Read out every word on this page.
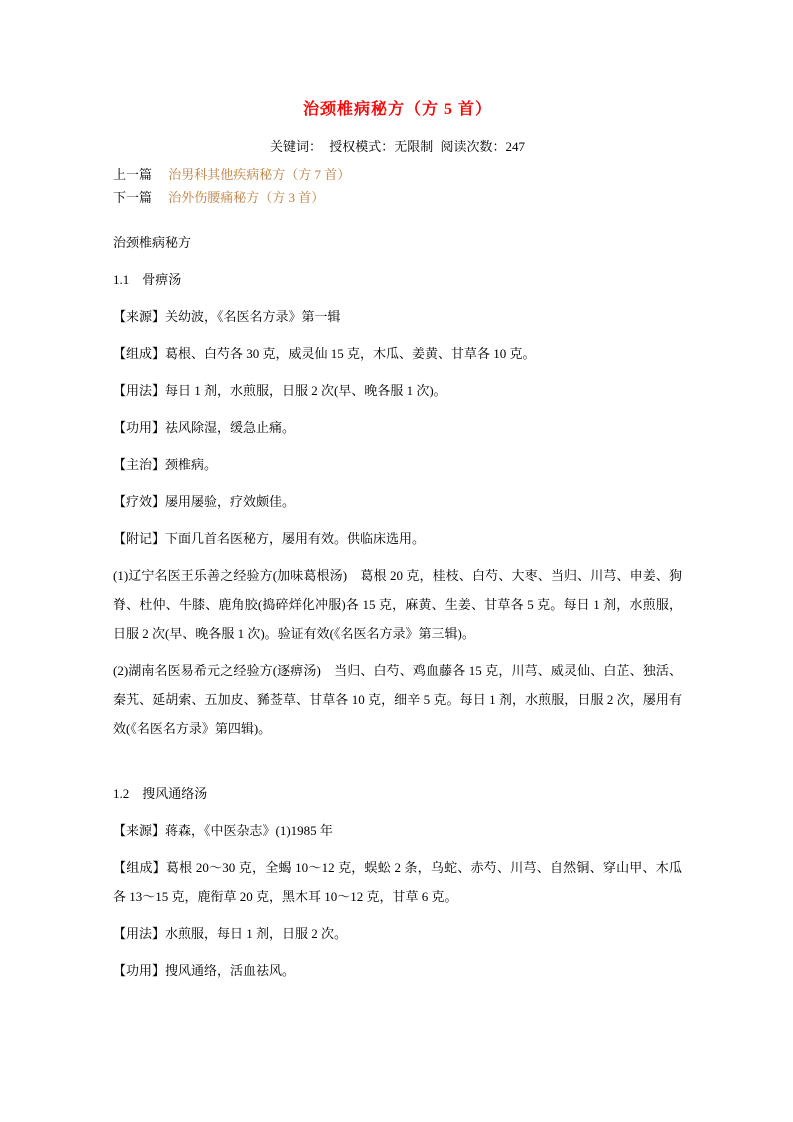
治颈椎病秘方（方 5 首）
关键词： 授权模式：无限制 阅读次数：247
上一篇 治男科其他疾病秘方（方 7 首）
下一篇 治外伤腰痛秘方（方 3 首）

治颈椎病秘方

1.1　骨痹汤

【来源】关幼波，《名医名方录》第一辑

【组成】葛根、白芍各 30 克，威灵仙 15 克，木瓜、姜黄、甘草各 10 克。

【用法】每日 1 剂，水煎服，日服 2 次(早、晚各服 1 次)。

【功用】祛风除湿，缓急止痛。

【主治】颈椎病。

【疗效】屡用屡验，疗效颇佳。

【附记】下面几首名医秘方，屡用有效。供临床选用。

(1)辽宁名医王乐善之经验方(加味葛根汤)　葛根 20 克，桂枝、白芍、大枣、当归、川芎、申姜、狗脊、杜仲、牛膝、鹿角胶(捣碎烊化冲服)各 15 克，麻黄、生姜、甘草各 5 克。每日 1 剂，水煎服，日服 2 次(早、晚各服 1 次)。验证有效(《名医名方录》第三辑)。

(2)湖南名医易希元之经验方(逐痹汤)　当归、白芍、鸡血藤各 15 克，川芎、威灵仙、白芷、独活、秦艽、延胡索、五加皮、豨莶草、甘草各 10 克，细辛 5 克。每日 1 剂，水煎服，日服 2 次，屡用有效(《名医名方录》第四辑)。

1.2　搜风通络汤

【来源】蒋森，《中医杂志》(1)1985 年

【组成】葛根 20～30 克，全蝎 10～12 克，蜈蚣 2 条，乌蛇、赤芍、川芎、自然铜、穿山甲、木瓜各 13～15 克，鹿衔草 20 克，黑木耳 10～12 克，甘草 6 克。

【用法】水煎服，每日 1 剂，日服 2 次。

【功用】搜风通络，活血祛风。
